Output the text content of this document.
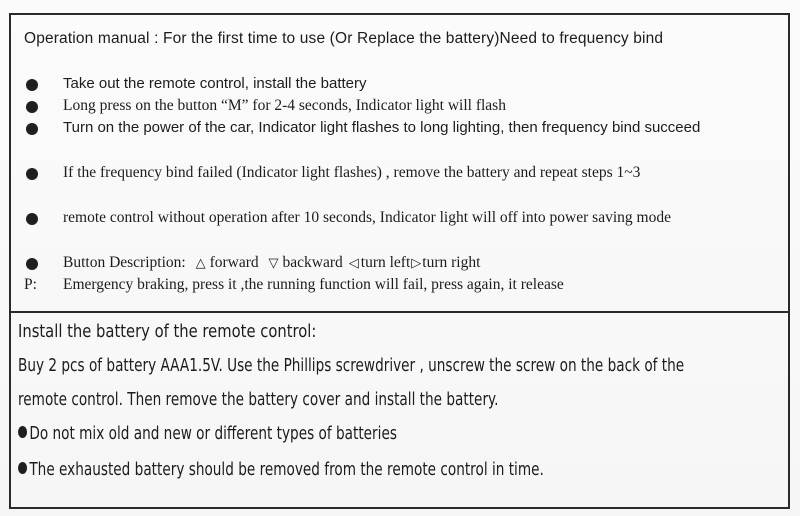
Operation manual : For the first time to use (Or Replace the battery)Need to frequency bind

Take out the remote control, install the battery
Long press on the button “M” for 2-4 seconds, Indicator light will flash
Turn on the power of the car, Indicator light flashes to long lighting, then frequency bind succeed
If the frequency bind failed (Indicator light flashes) , remove the battery and repeat steps 1~3
remote control without operation after 10 seconds, Indicator light will off into power saving mode
Button Description: △ forward ▽ backward ◁ turn left▷turn right
P: Emergency braking, press it ,the running function will fail, press again, it release
Install the battery of the remote control:
Buy 2 pcs of battery AAA1.5V. Use the Phillips screwdriver , unscrew the screw on the back of the
remote control. Then remove the battery cover and install the battery.
Do not mix old and new or different types of batteries
The exhausted battery should be removed from the remote control in time.
